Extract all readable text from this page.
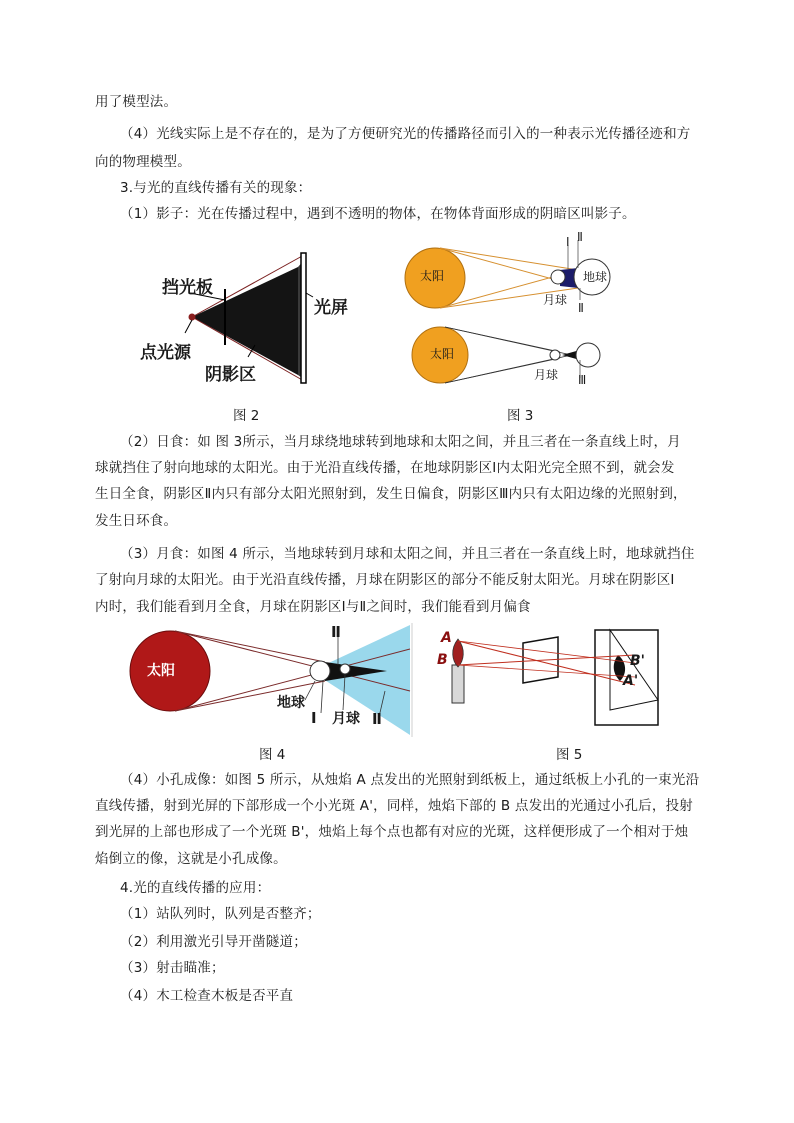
用了模型法。
（4）光线实际上是不存在的，是为了方便研究光的传播路径而引入的一种表示光传播径迹和方
向的物理模型。
3.与光的直线传播有关的现象：
（1）影子：光在传播过程中，遇到不透明的物体，在物体背面形成的阴暗区叫影子。
挡光板
光屏
点光源
阴影区
图 2
太阳	地球
月球
Ⅰ Ⅱ
Ⅱ
太阳
月球 Ⅲ
图 3
（2）日食：如 图 3所示，当月球绕地球转到地球和太阳之间，并且三者在一条直线上时，月
球就挡住了射向地球的太阳光。由于光沿直线传播，在地球阴影区Ⅰ内太阳光完全照不到，就会发
生日全食，阴影区Ⅱ内只有部分太阳光照射到，发生日偏食，阴影区Ⅲ内只有太阳边缘的光照射到，
发生日环食。
（3）月食：如图 4 所示，当地球转到月球和太阳之间，并且三者在一条直线上时，地球就挡住
了射向月球的太阳光。由于光沿直线传播，月球在阴影区的部分不能反射太阳光。月球在阴影区Ⅰ
内时，我们能看到月全食，月球在阴影区Ⅰ与Ⅱ之间时，我们能看到月偏食
太阳
Ⅱ
地球
Ⅰ 月球 Ⅱ
图 4
A
B	B'
A'
图 5
（4）小孔成像：如图 5 所示，从烛焰 A 点发出的光照射到纸板上，通过纸板上小孔的一束光沿
直线传播，射到光屏的下部形成一个小光斑 A'，同样，烛焰下部的 B 点发出的光通过小孔后，投射
到光屏的上部也形成了一个光斑 B'，烛焰上每个点也都有对应的光斑，这样便形成了一个相对于烛
焰倒立的像，这就是小孔成像。
4.光的直线传播的应用：
（1）站队列时，队列是否整齐；
（2）利用激光引导开凿隧道；
（3）射击瞄准；
（4）木工检查木板是否平直
